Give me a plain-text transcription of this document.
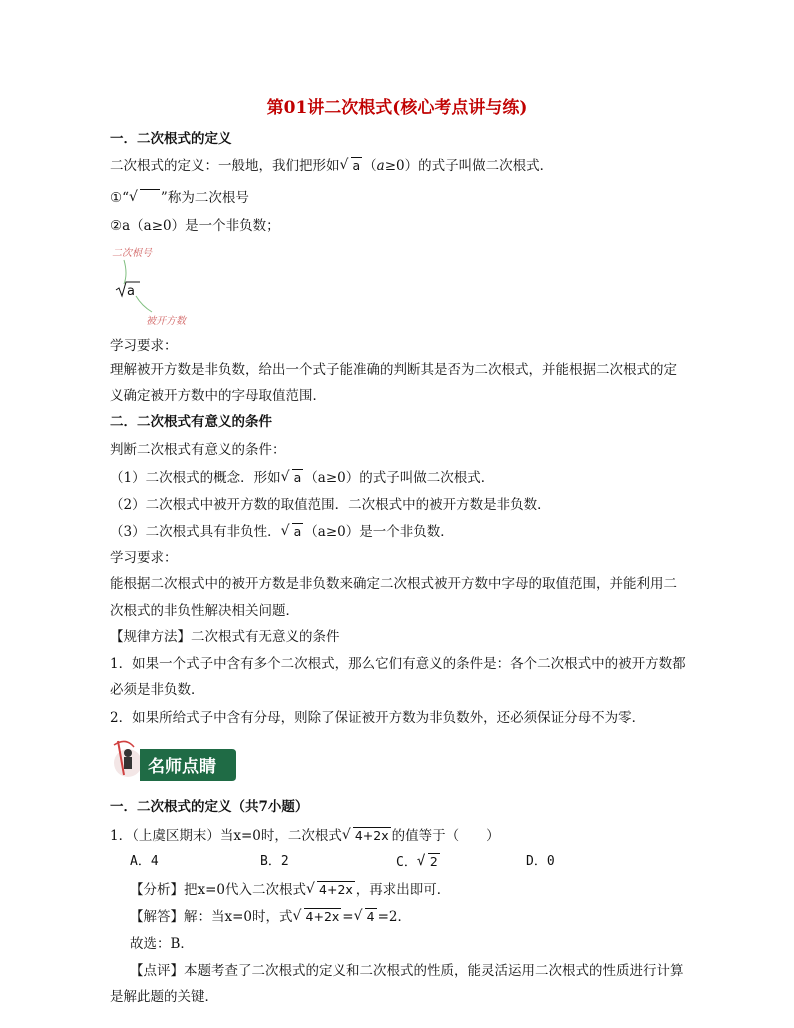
第01讲二次根式(核心考点讲与练)
一．二次根式的定义
二次根式的定义：一般地，我们把形如 √ a （a≥0）的式子叫做二次根式．
①“ √ ”称为二次根号
②a（a≥0）是一个非负数；
二次根号
a
被开方数
学习要求：
理解被开方数是非负数，给出一个式子能准确的判断其是否为二次根式，并能根据二次根式的定
义确定被开方数中的字母取值范围．
二．二次根式有意义的条件
判断二次根式有意义的条件：
（1）二次根式的概念．形如 √ a （a≥0）的式子叫做二次根式．
（2）二次根式中被开方数的取值范围．二次根式中的被开方数是非负数．
（3）二次根式具有非负性． √ a （a≥0）是一个非负数．
学习要求：
能根据二次根式中的被开方数是非负数来确定二次根式被开方数中字母的取值范围，并能利用二
次根式的非负性解决相关问题．
【规律方法】二次根式有无意义的条件
1．如果一个式子中含有多个二次根式，那么它们有意义的条件是：各个二次根式中的被开方数都
必须是非负数．
2．如果所给式子中含有分母，则除了保证被开方数为非负数外，还必须保证分母不为零．
名师点睛
一．二次根式的定义（共7小题）
1．（上虞区期末）当x=0时，二次根式 √ 4+2x 的值等于（　　）
A．4	B．2	C． √ 2	D．0
【分析】把x=0代入二次根式 √ 4+2x ，再求出即可．
【解答】解：当x=0时，式 √ 4+2x = √ 4 =2．
故选：B．
【点评】本题考查了二次根式的定义和二次根式的性质，能灵活运用二次根式的性质进行计算
是解此题的关键．
